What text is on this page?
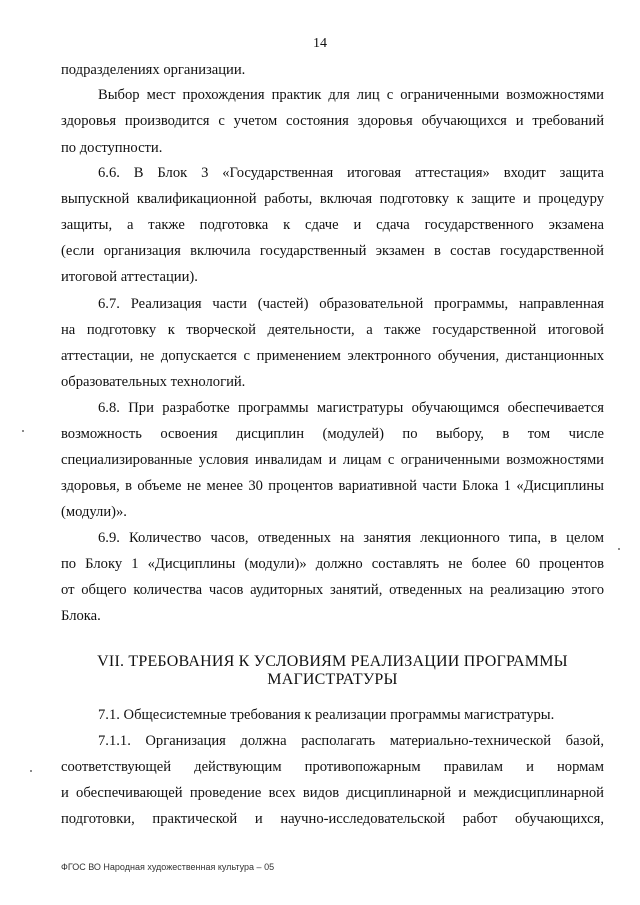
14
подразделениях организации.
Выбор мест прохождения практик для лиц с ограниченными возможностями
здоровья производится с учетом состояния здоровья обучающихся и требований
по доступности.
6.6. В Блок 3 «Государственная итоговая аттестация» входит защита
выпускной квалификационной работы, включая подготовку к защите и процедуру
защиты, а также подготовка к сдаче и сдача государственного экзамена
(если организация включила государственный экзамен в состав государственной
итоговой аттестации).
6.7. Реализация части (частей) образовательной программы, направленная
на подготовку к творческой деятельности, а также государственной итоговой
аттестации, не допускается с применением электронного обучения, дистанционных
образовательных технологий.
6.8. При разработке программы магистратуры обучающимся обеспечивается
возможность освоения дисциплин (модулей) по выбору, в том числе
специализированные условия инвалидам и лицам с ограниченными возможностями
здоровья, в объеме не менее 30 процентов вариативной части Блока 1 «Дисциплины
(модули)».
6.9. Количество часов, отведенных на занятия лекционного типа, в целом
по Блоку 1 «Дисциплины (модули)» должно составлять не более 60 процентов
от общего количества часов аудиторных занятий, отведенных на реализацию этого
Блока.
VII. ТРЕБОВАНИЯ К УСЛОВИЯМ РЕАЛИЗАЦИИ ПРОГРАММЫ
МАГИСТРАТУРЫ
7.1. Общесистемные требования к реализации программы магистратуры.
7.1.1. Организация должна располагать материально-технической базой,
соответствующей действующим противопожарным правилам и нормам
и обеспечивающей проведение всех видов дисциплинарной и междисциплинарной
подготовки, практической и научно-исследовательской работ обучающихся,
ФГОС ВО Народная художественная культура – 05
